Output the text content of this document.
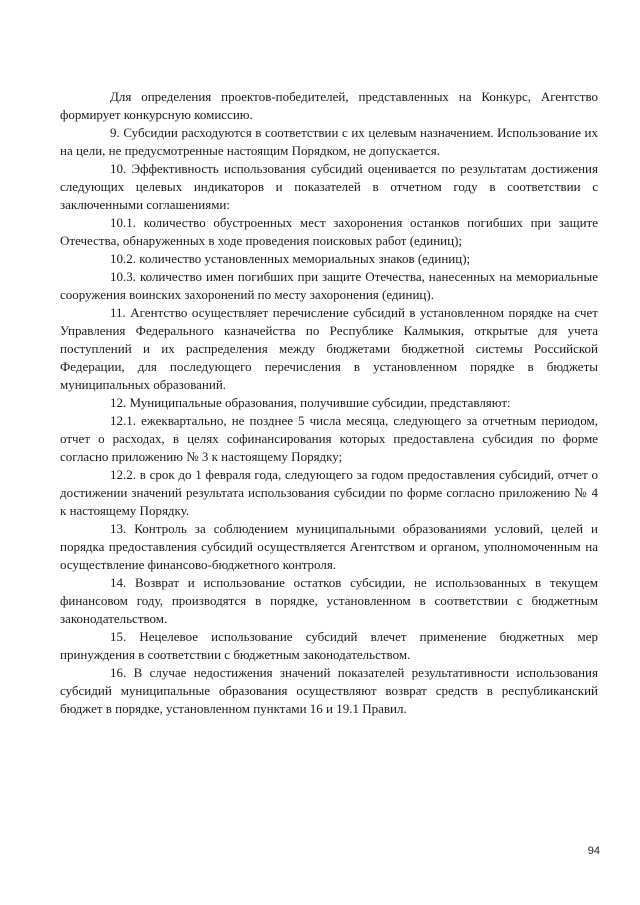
Для определения проектов-победителей, представленных на Конкурс, Агентство формирует конкурсную комиссию.

9. Субсидии расходуются в соответствии с их целевым назначением. Использование их на цели, не предусмотренные настоящим Порядком, не допускается.

10. Эффективность использования субсидий оценивается по результатам достижения следующих целевых индикаторов и показателей в отчетном году в соответствии с заключенными соглашениями:

10.1. количество обустроенных мест захоронения останков погибших при защите Отечества, обнаруженных в ходе проведения поисковых работ (единиц);

10.2. количество установленных мемориальных знаков (единиц);

10.3. количество имен погибших при защите Отечества, нанесенных на мемориальные сооружения воинских захоронений по месту захоронения (единиц).

11. Агентство осуществляет перечисление субсидий в установленном порядке на счет Управления Федерального казначейства по Республике Калмыкия, открытые для учета поступлений и их распределения между бюджетами бюджетной системы Российской Федерации, для последующего перечисления в установленном порядке в бюджеты муниципальных образований.

12. Муниципальные образования, получившие субсидии, представляют:

12.1. ежеквартально, не позднее 5 числа месяца, следующего за отчетным периодом, отчет о расходах, в целях софинансирования которых предоставлена субсидия по форме согласно приложению № 3 к настоящему Порядку;

12.2. в срок до 1 февраля года, следующего за годом предоставления субсидий, отчет о достижении значений результата использования субсидии по форме согласно приложению № 4 к настоящему Порядку.

13. Контроль за соблюдением муниципальными образованиями условий, целей и порядка предоставления субсидий осуществляется Агентством и органом, уполномоченным на осуществление финансово-бюджетного контроля.

14. Возврат и использование остатков субсидии, не использованных в текущем финансовом году, производятся в порядке, установленном в соответствии с бюджетным законодательством.

15. Нецелевое использование субсидий влечет применение бюджетных мер принуждения в соответствии с бюджетным законодательством.

16. В случае недостижения значений показателей результативности использования субсидий муниципальные образования осуществляют возврат средств в республиканский бюджет в порядке, установленном пунктами 16 и 19.1 Правил.

94
